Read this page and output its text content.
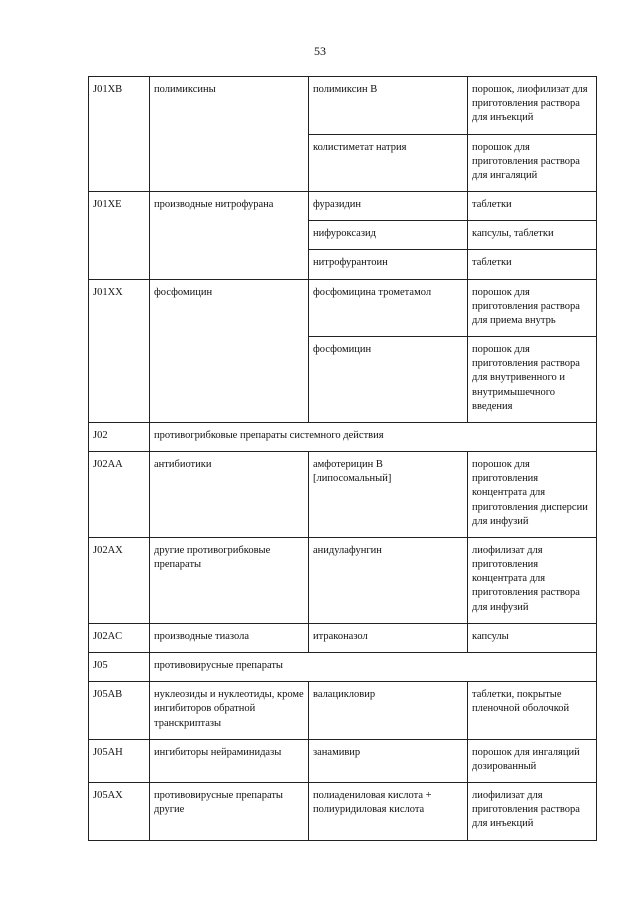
53
J01XB	полимиксины	полимиксин B	порошок, лиофилизат для приготовления раствора для инъекций
		колистиметат натрия	порошок для приготовления раствора для ингаляций
J01XE	производные нитрофурана	фуразидин	таблетки
		нифуроксазид	капсулы, таблетки
		нитрофурантоин	таблетки
J01XX	фосфомицин	фосфомицина трометамол	порошок для приготовления раствора для приема внутрь
		фосфомицин	порошок для приготовления раствора для внутривенного и внутримышечного введения
J02	противогрибковые препараты системного действия		
J02AA	антибиотики	амфотерицин B [липосомальный]	порошок для приготовления концентрата для приготовления дисперсии для инфузий
J02AX	другие противогрибковые препараты	анидулафунгин	лиофилизат для приготовления концентрата для приготовления раствора для инфузий
J02AC	производные тиазола	итраконазол	капсулы
J05	противовирусные препараты		
J05AB	нуклеозиды и нуклеотиды, кроме ингибиторов обратной транскриптазы	валацикловир	таблетки, покрытые пленочной оболочкой
J05AH	ингибиторы нейраминидазы	занамивир	порошок для ингаляций дозированный
J05AX	противовирусные препараты другие	полиадениловая кислота + полиуридиловая кислота	лиофилизат для приготовления раствора для инъекций
